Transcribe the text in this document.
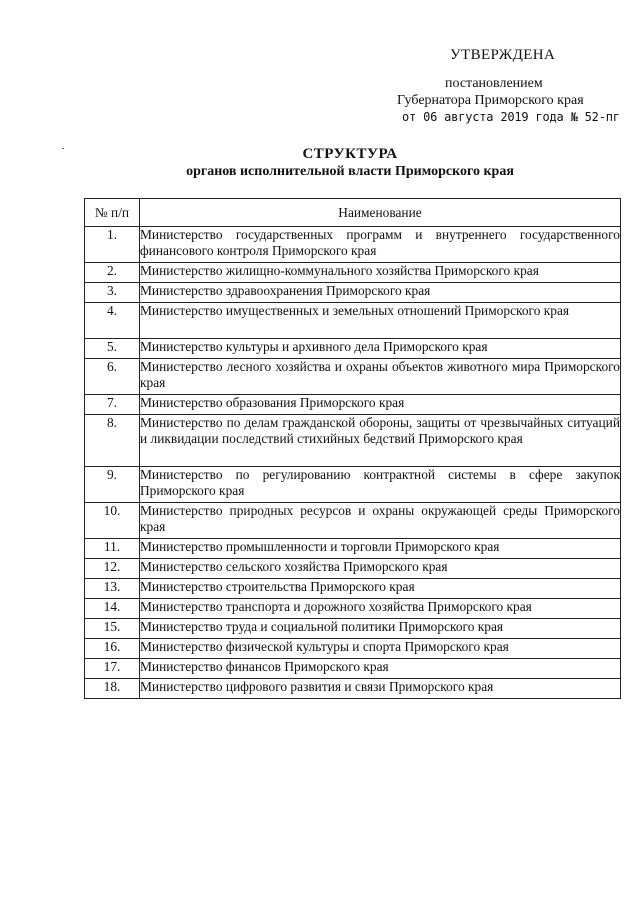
УТВЕРЖДЕНА
постановлением
Губернатора Приморского края
от 06 августа 2019 года № 52-пг
СТРУКТУРА
органов исполнительной власти Приморского края
№ п/п	Наименование
1.	Министерство государственных программ и внутреннего государственного финансового контроля Приморского края
2.	Министерство жилищно-коммунального хозяйства Приморского края
3.	Министерство здравоохранения Приморского края
4.	Министерство имущественных и земельных отношений Приморского края
5.	Министерство культуры и архивного дела Приморского края
6.	Министерство лесного хозяйства и охраны объектов животного мира Приморского края
7.	Министерство образования Приморского края
8.	Министерство по делам гражданской обороны, защиты от чрезвычайных ситуаций и ликвидации последствий стихийных бедствий Приморского края
9.	Министерство по регулированию контрактной системы в сфере закупок Приморского края
10.	Министерство природных ресурсов и охраны окружающей среды Приморского края
11.	Министерство промышленности и торговли Приморского края
12.	Министерство сельского хозяйства Приморского края
13.	Министерство строительства Приморского края
14.	Министерство транспорта и дорожного хозяйства Приморского края
15.	Министерство труда и социальной политики Приморского края
16.	Министерство физической культуры и спорта Приморского края
17.	Министерство финансов Приморского края
18.	Министерство цифрового развития и связи Приморского края
